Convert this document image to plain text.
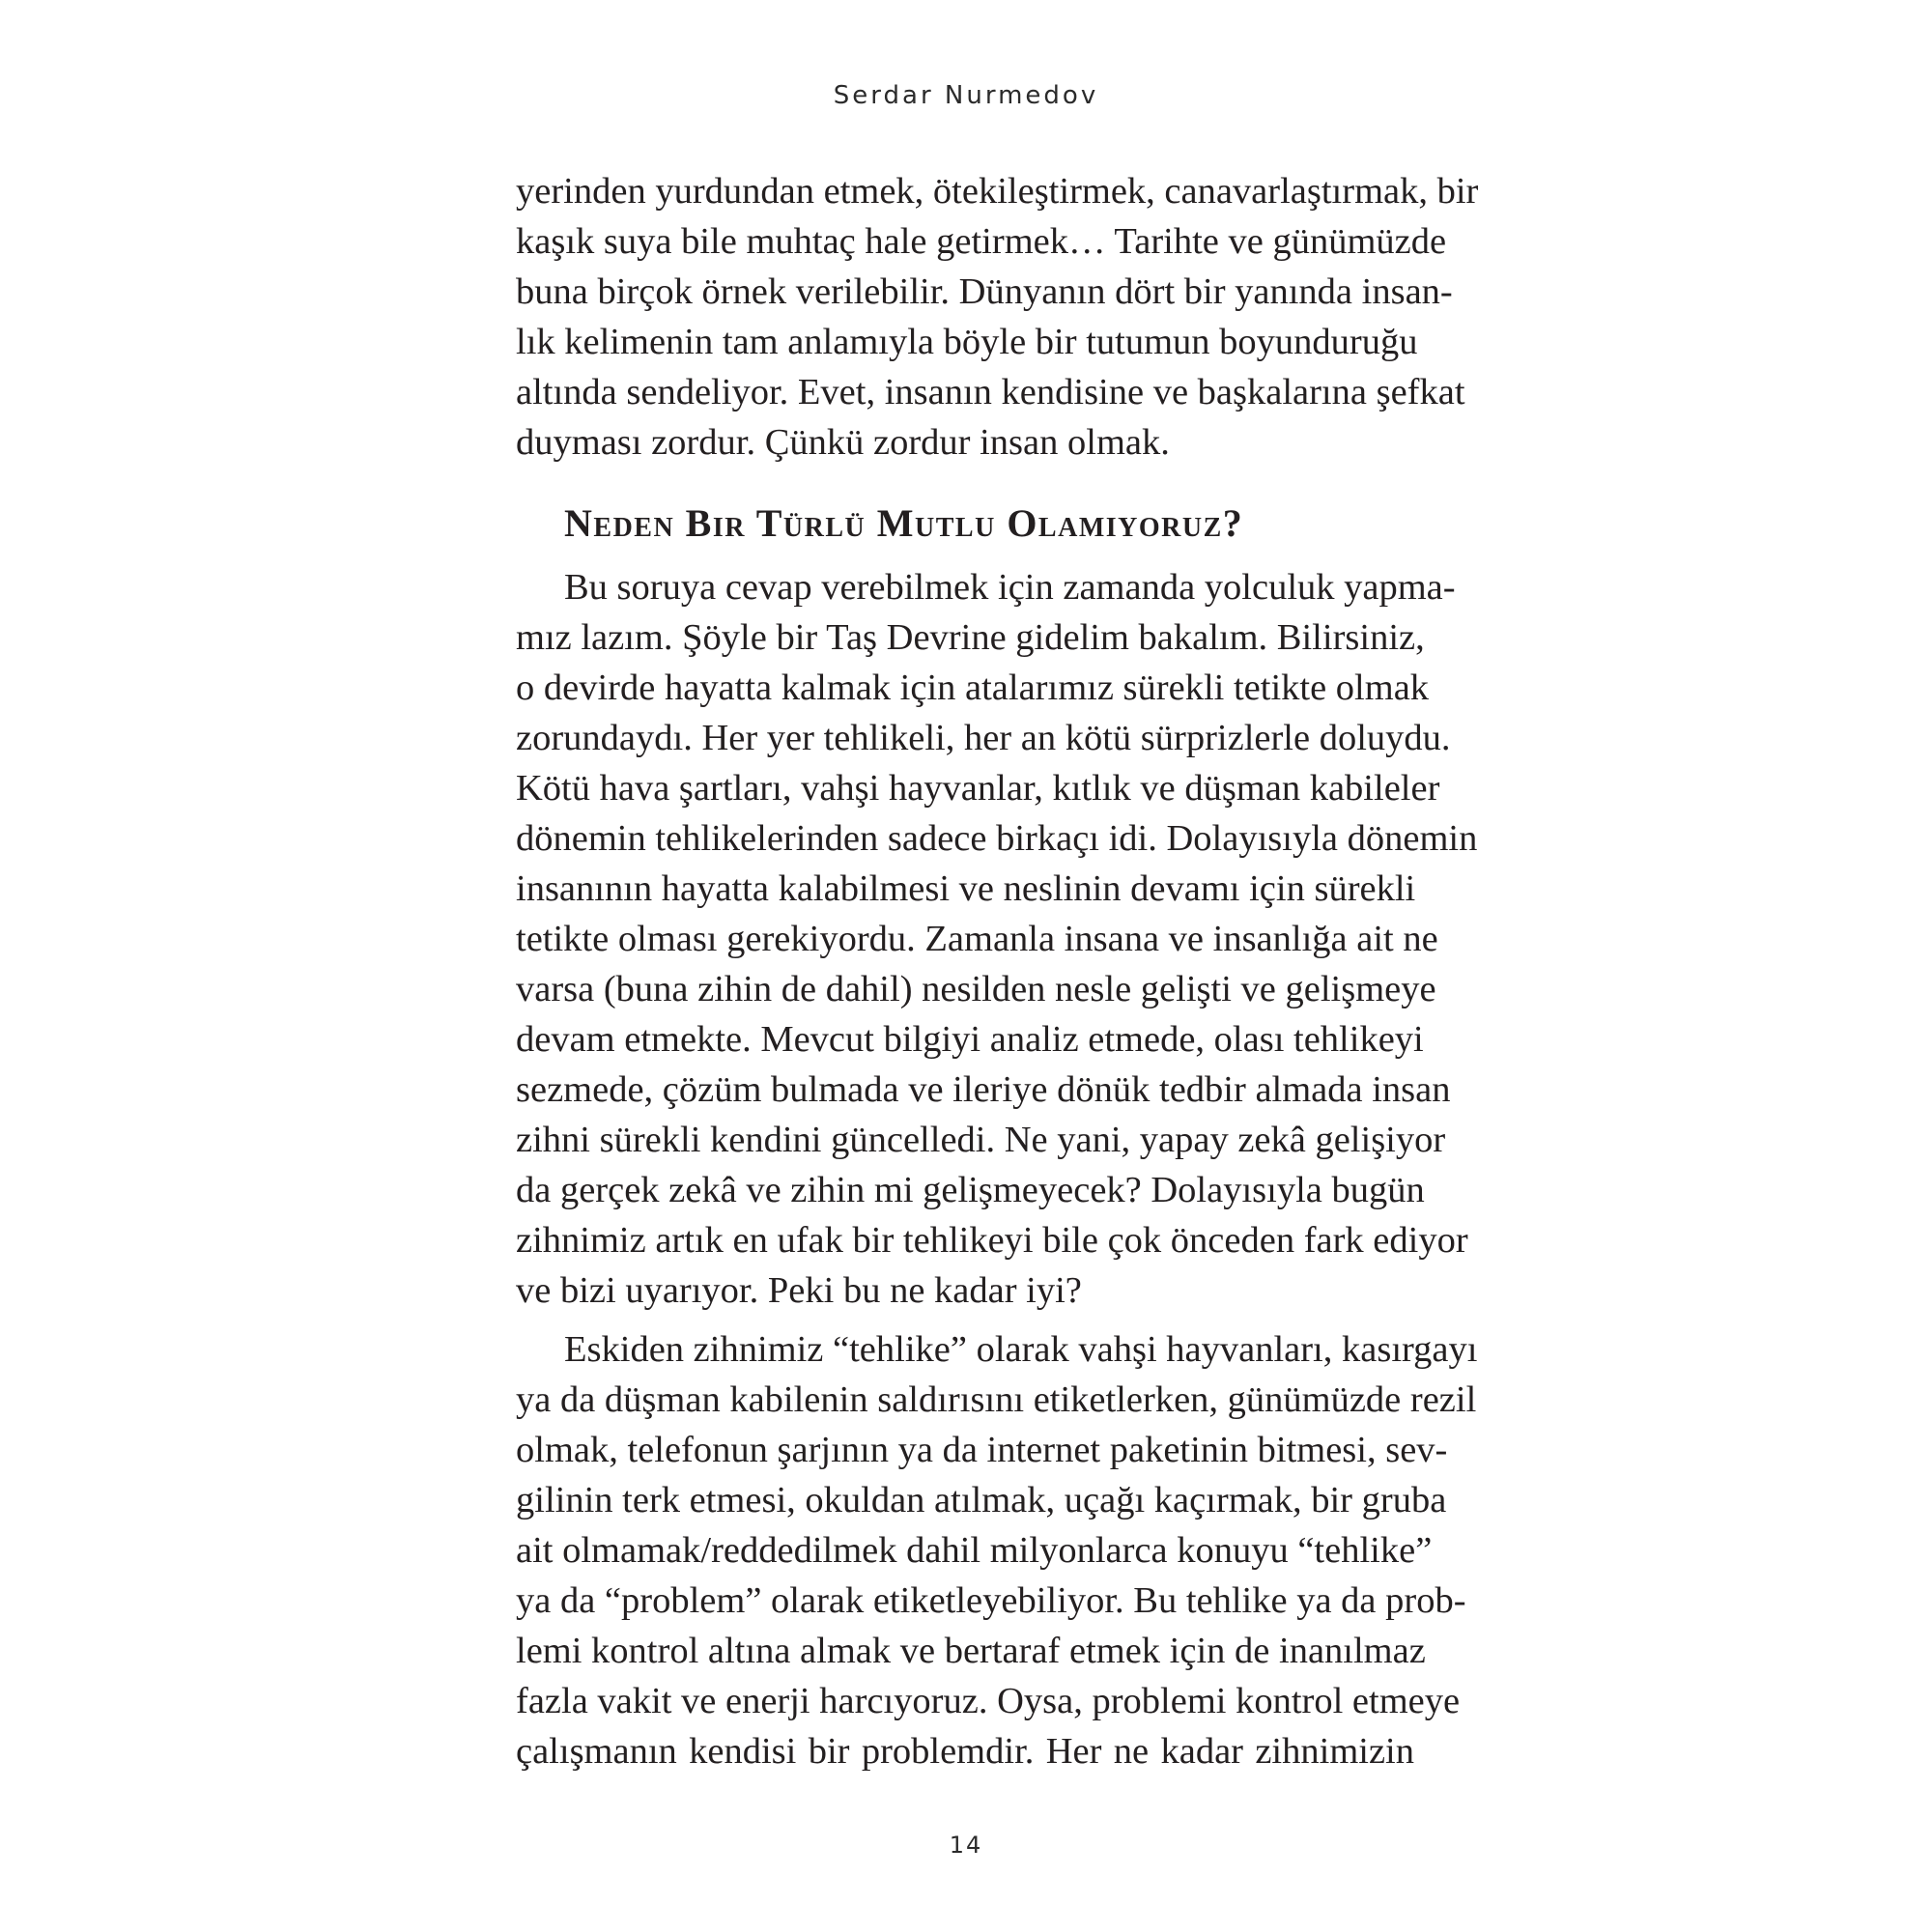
Serdar Nurmedov
yerinden yurdundan etmek, ötekileştirmek, canavarlaştırmak, bir
kaşık suya bile muhtaç hale getirmek… Tarihte ve günümüzde
buna birçok örnek verilebilir. Dünyanın dört bir yanında insan-
lık kelimenin tam anlamıyla böyle bir tutumun boyunduruğu
altında sendeliyor. Evet, insanın kendisine ve başkalarına şefkat
duyması zordur. Çünkü zordur insan olmak.
Neden Bir Türlü Mutlu Olamıyoruz?
Bu soruya cevap verebilmek için zamanda yolculuk yapma-
mız lazım. Şöyle bir Taş Devrine gidelim bakalım. Bilirsiniz,
o devirde hayatta kalmak için atalarımız sürekli tetikte olmak
zorundaydı. Her yer tehlikeli, her an kötü sürprizlerle doluydu.
Kötü hava şartları, vahşi hayvanlar, kıtlık ve düşman kabileler
dönemin tehlikelerinden sadece birkaçı idi. Dolayısıyla dönemin
insanının hayatta kalabilmesi ve neslinin devamı için sürekli
tetikte olması gerekiyordu. Zamanla insana ve insanlığa ait ne
varsa (buna zihin de dahil) nesilden nesle gelişti ve gelişmeye
devam etmekte. Mevcut bilgiyi analiz etmede, olası tehlikeyi
sezmede, çözüm bulmada ve ileriye dönük tedbir almada insan
zihni sürekli kendini güncelledi. Ne yani, yapay zekâ gelişiyor
da gerçek zekâ ve zihin mi gelişmeyecek? Dolayısıyla bugün
zihnimiz artık en ufak bir tehlikeyi bile çok önceden fark ediyor
ve bizi uyarıyor. Peki bu ne kadar iyi?
Eskiden zihnimiz “tehlike” olarak vahşi hayvanları, kasırgayı
ya da düşman kabilenin saldırısını etiketlerken, günümüzde rezil
olmak, telefonun şarjının ya da internet paketinin bitmesi, sev-
gilinin terk etmesi, okuldan atılmak, uçağı kaçırmak, bir gruba
ait olmamak/reddedilmek dahil milyonlarca konuyu “tehlike”
ya da “problem” olarak etiketleyebiliyor. Bu tehlike ya da prob-
lemi kontrol altına almak ve bertaraf etmek için de inanılmaz
fazla vakit ve enerji harcıyoruz. Oysa, problemi kontrol etmeye
çalışmanın kendisi bir problemdir. Her ne kadar zihnimizin
14
